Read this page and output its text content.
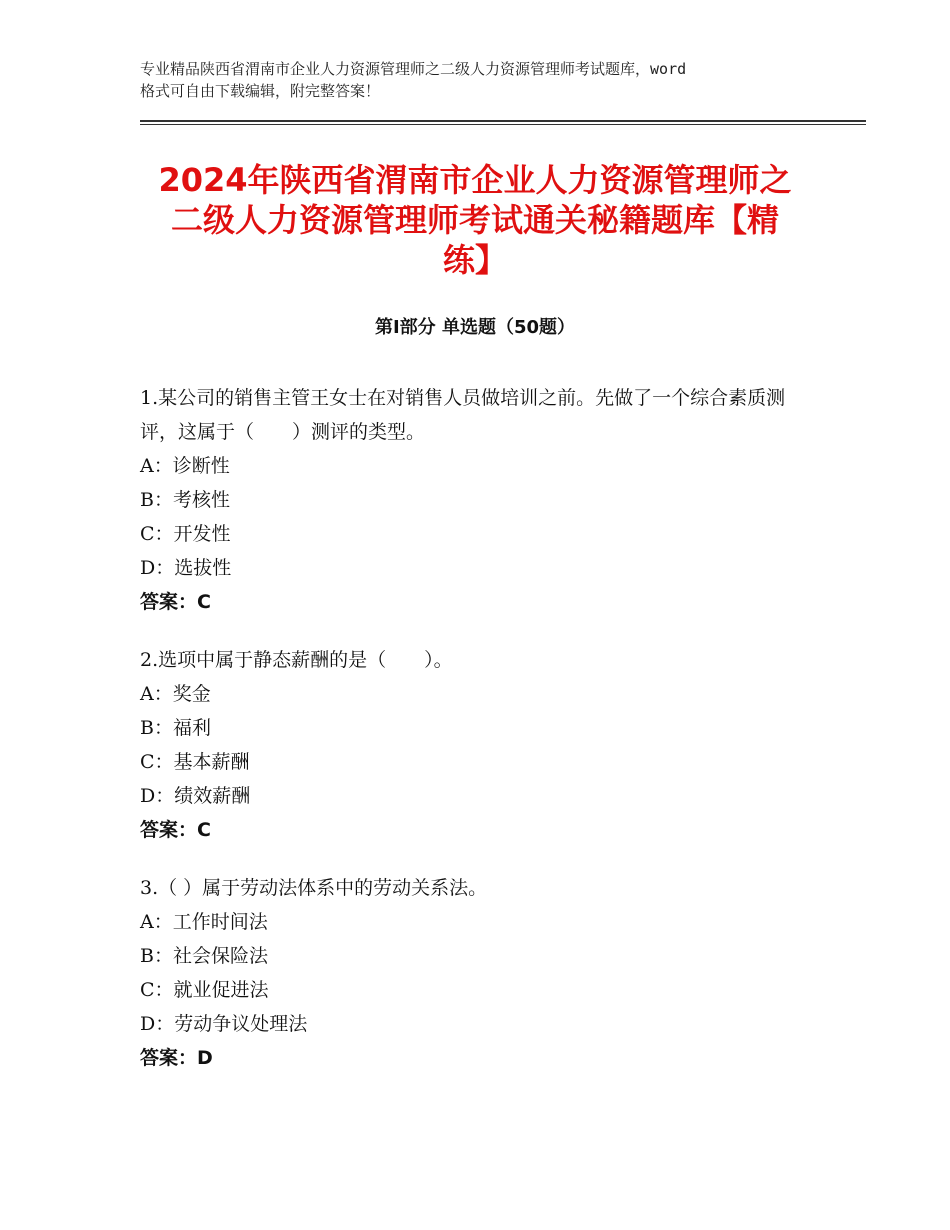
专业精品陕西省渭南市企业人力资源管理师之二级人力资源管理师考试题库，word
格式可自由下载编辑，附完整答案！
2024年陕西省渭南市企业人力资源管理师之
二级人力资源管理师考试通关秘籍题库【精
练】
第Ⅰ部分 单选题（50题）
1.某公司的销售主管王女士在对销售人员做培训之前。先做了一个综合素质测评，这属于（　　）测评的类型。
A：诊断性
B：考核性
C：开发性
D：选拔性
答案：C
2.选项中属于静态薪酬的是（　　）。
A：奖金
B：福利
C：基本薪酬
D：绩效薪酬
答案：C
3.（ ）属于劳动法体系中的劳动关系法。
A：工作时间法
B：社会保险法
C：就业促进法
D：劳动争议处理法
答案：D
